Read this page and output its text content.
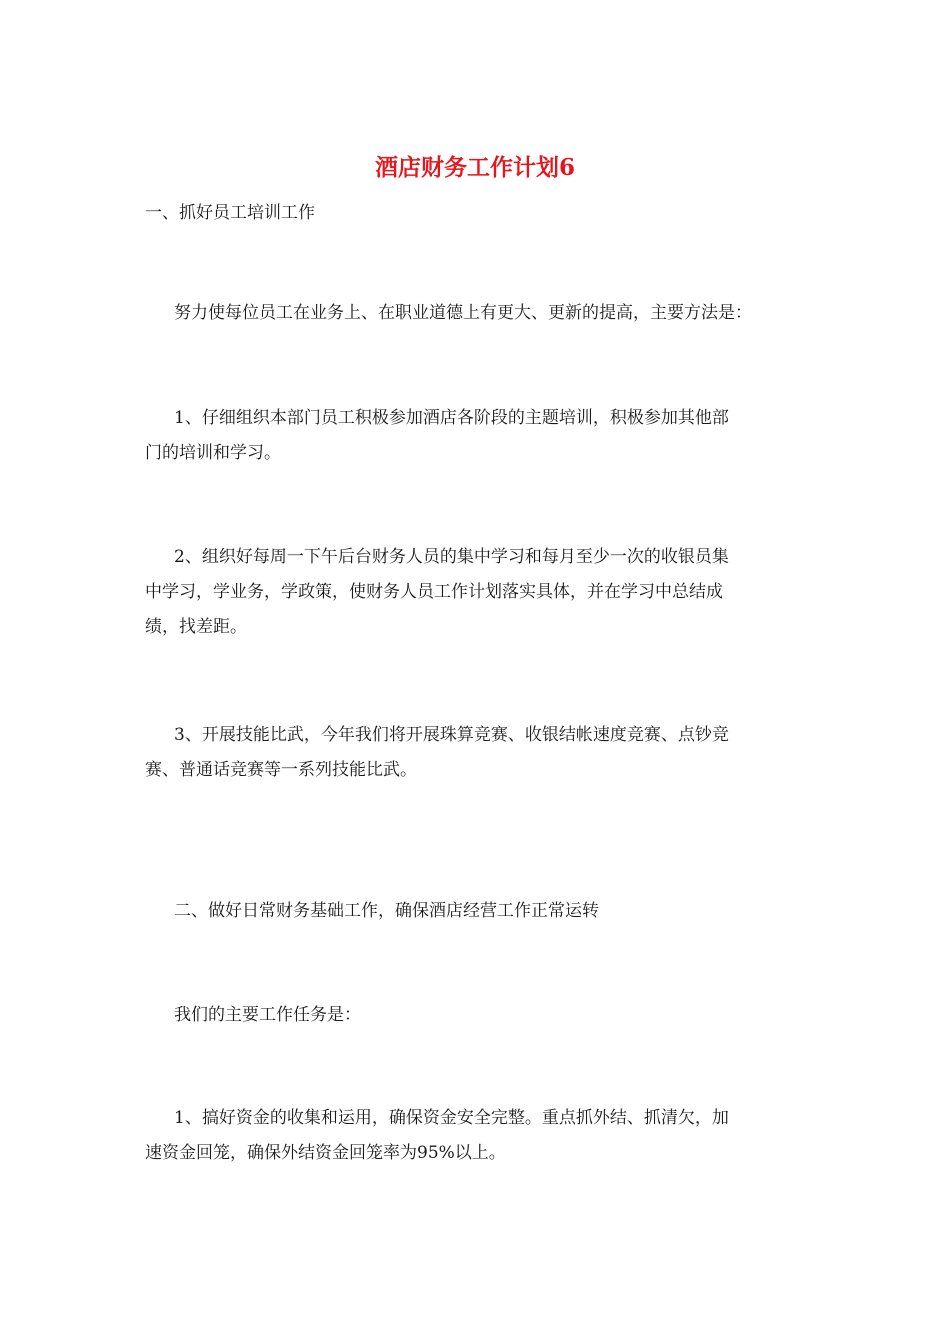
酒店财务工作计划6

一、抓好员工培训工作

努力使每位员工在业务上、在职业道德上有更大、更新的提高，主要方法是：

1、仔细组织本部门员工积极参加酒店各阶段的主题培训，积极参加其他部
门的培训和学习。
2、组织好每周一下午后台财务人员的集中学习和每月至少一次的收银员集
中学习，学业务，学政策，使财务人员工作计划落实具体，并在学习中总结成
绩，找差距。
3、开展技能比武，今年我们将开展珠算竞赛、收银结帐速度竞赛、点钞竞
赛、普通话竞赛等一系列技能比武。

二、做好日常财务基础工作，确保酒店经营工作正常运转

我们的主要工作任务是：

1、搞好资金的收集和运用，确保资金安全完整。重点抓外结、抓清欠，加
速资金回笼，确保外结资金回笼率为95%以上。
